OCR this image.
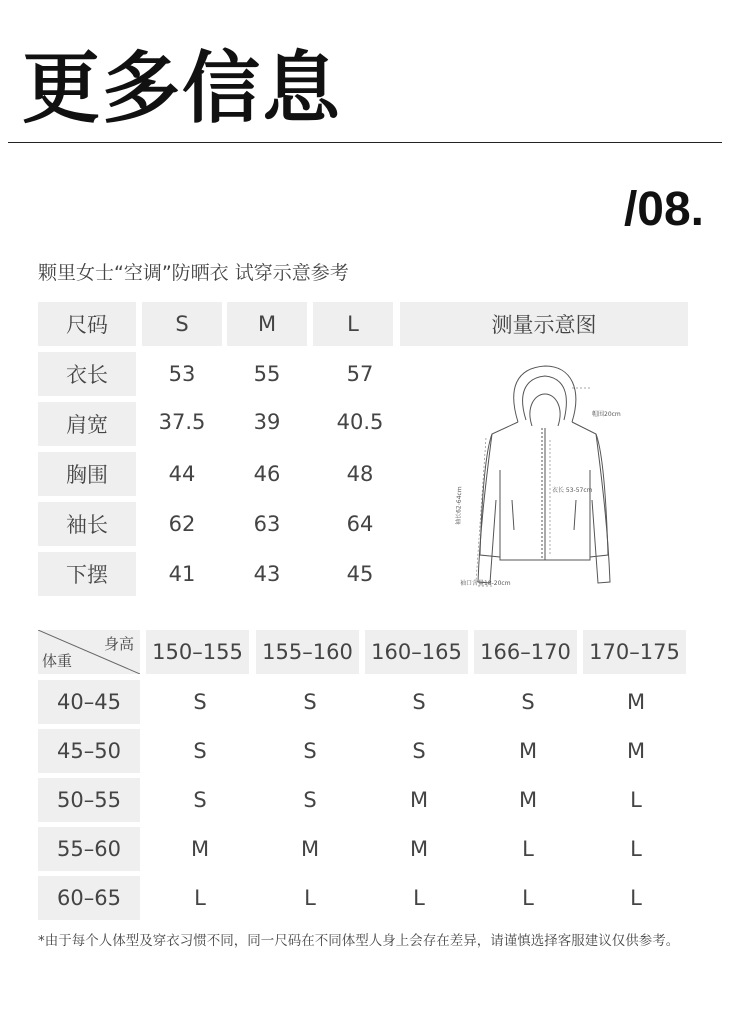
更多信息
/08.
颗里女士“空调”防晒衣 试穿示意参考
尺码	S	M	L	测量示意图
衣长	53	55	57
肩宽	37.5	39	40.5
胸围	44	46	48
袖长	62	63	64
下摆	41	43	45
帽围20cm
衣长 53-57cm
袖长62-64cm
袖口含量18-20cm
身高
体重	150–155 155–160 160–165 166–170 170–175
40–45	S	S	S	S	M
45–50	S	S	S	M	M
50–55	S	S	M	M	L
55–60	M	M	M	L	L
60–65	L	L	L	L	L
*由于每个人体型及穿衣习惯不同，同一尺码在不同体型人身上会存在差异，请谨慎选择客服建议仅供参考。
